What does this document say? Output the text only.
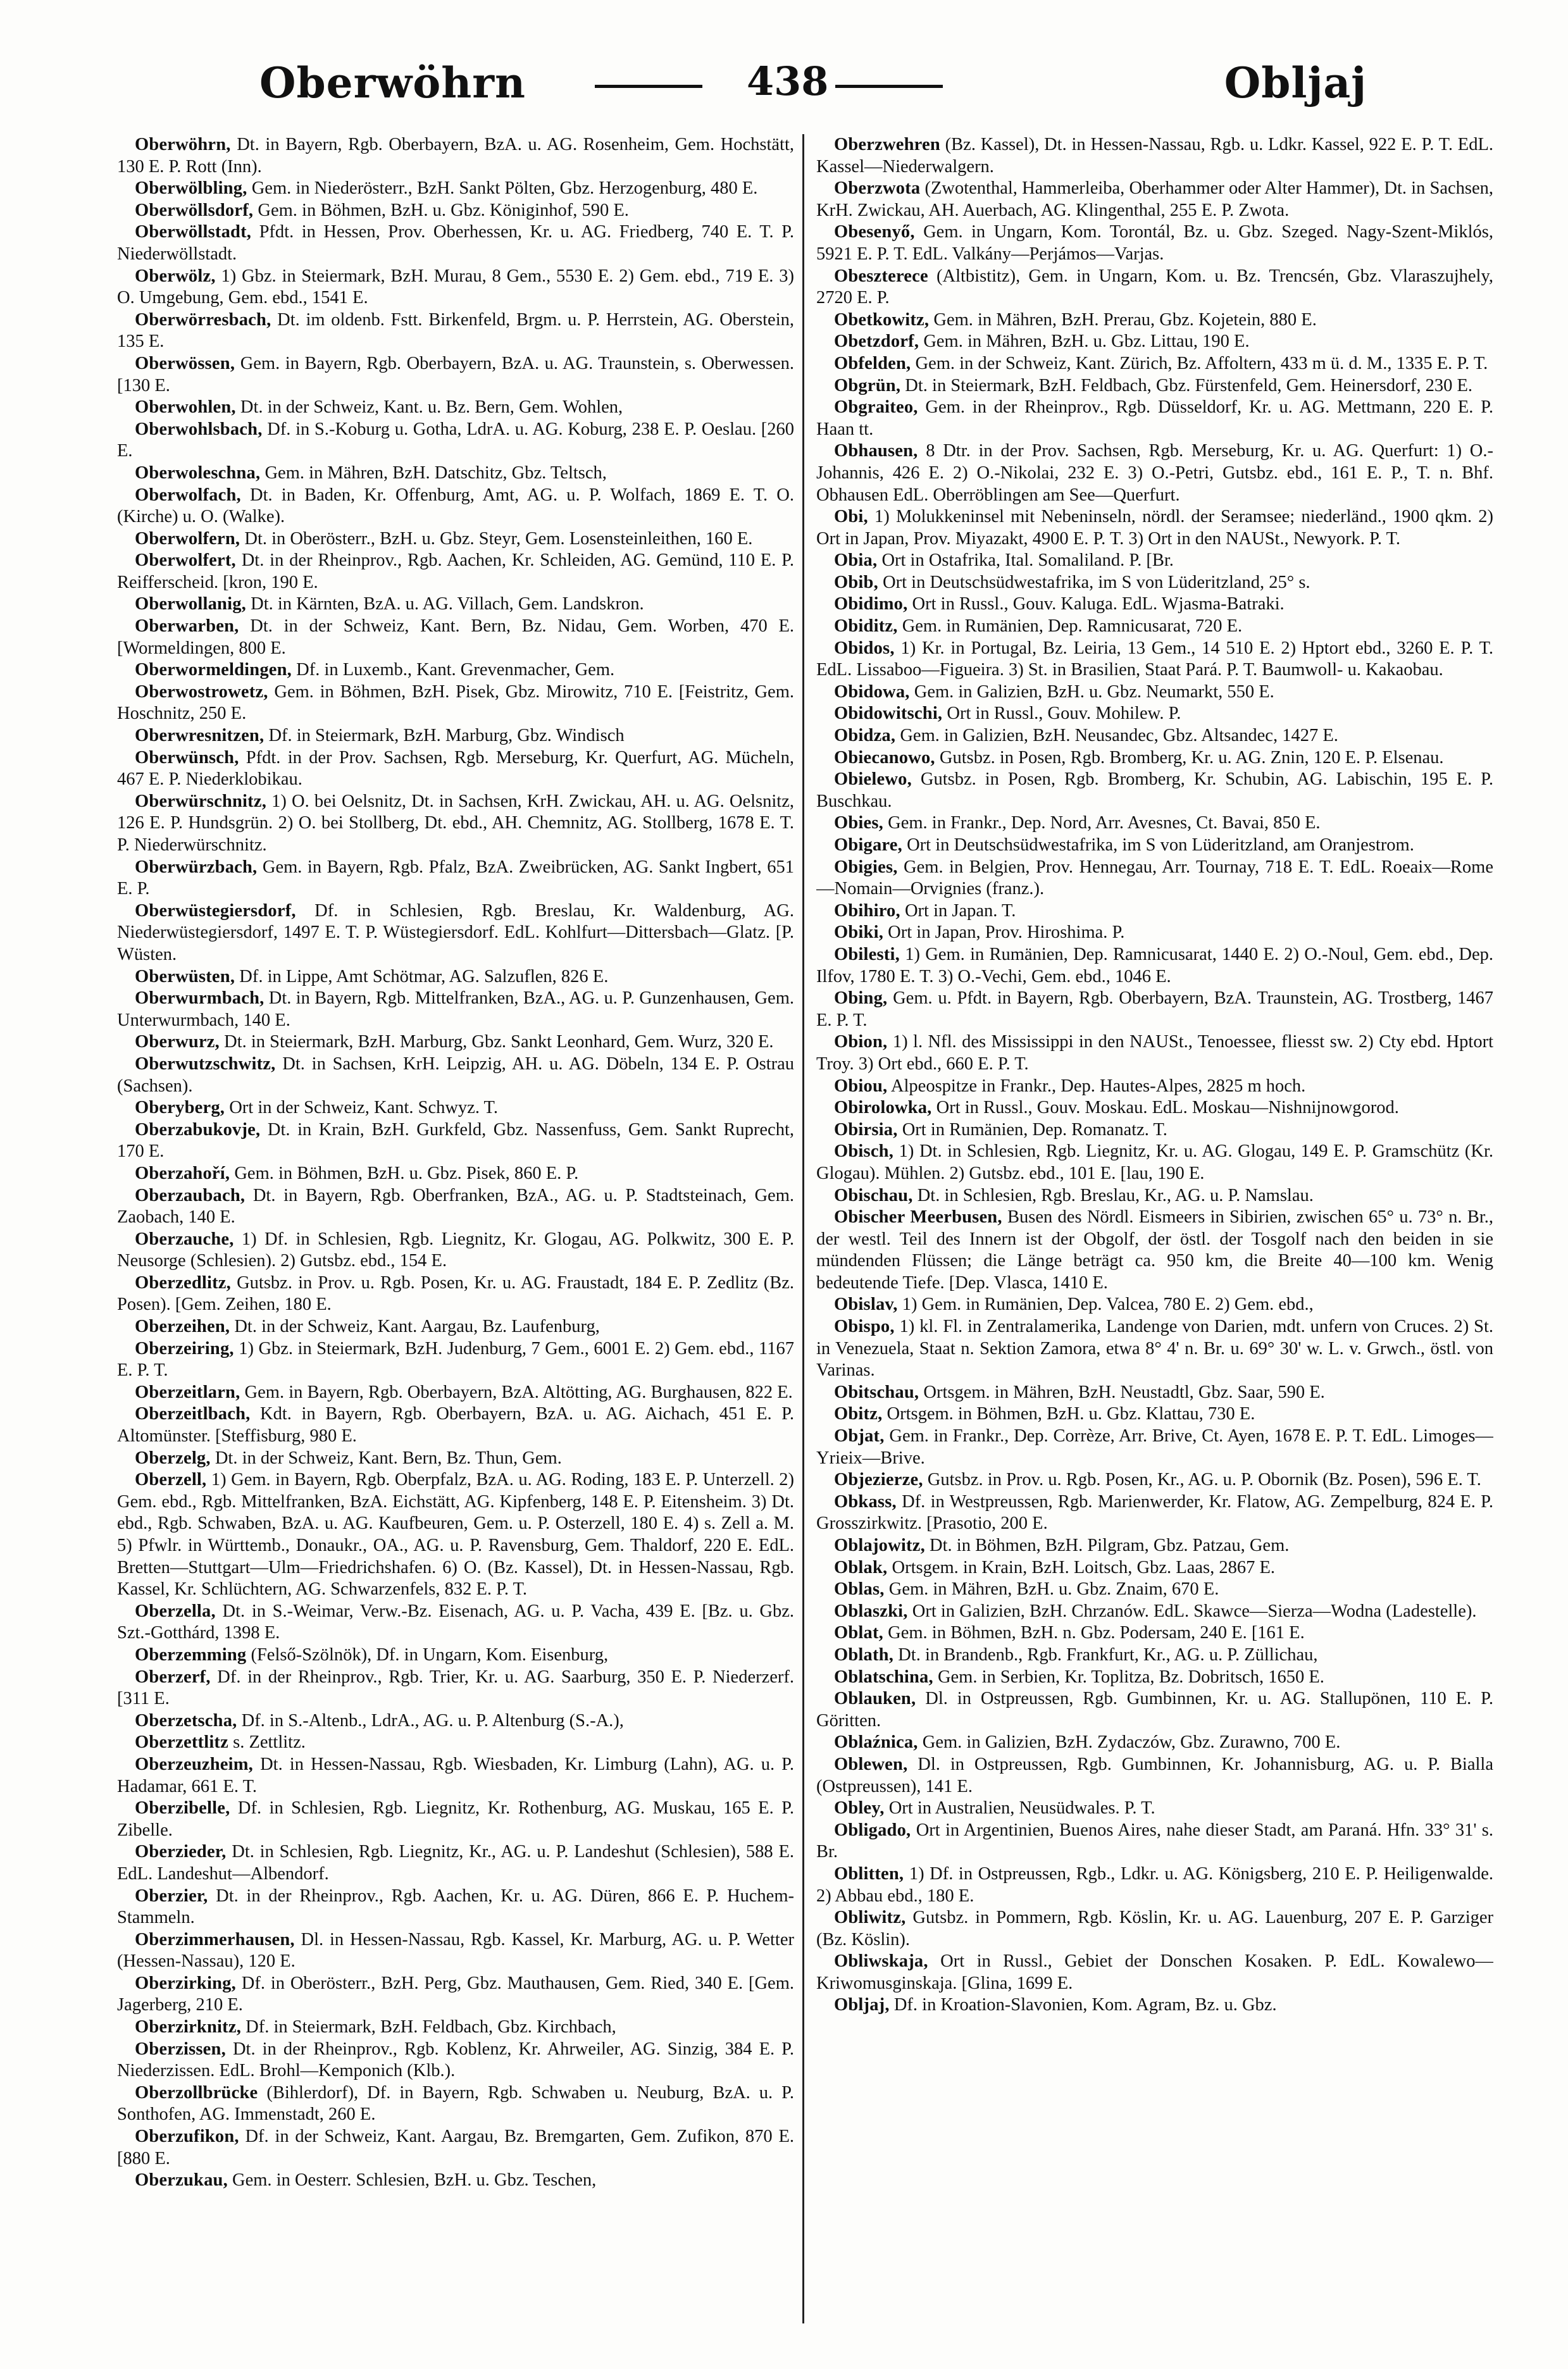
Oberwöhrn	438	Obljaj

Oberwöhrn, Dt. in Bayern, Rgb. Oberbayern, BzA. u. AG. Rosenheim, Gem. Hochstätt, 130 E. P. Rott (Inn).

Oberwölbling, Gem. in Niederösterr., BzH. Sankt Pölten, Gbz. Herzogenburg, 480 E.

Oberwöllsdorf, Gem. in Böhmen, BzH. u. Gbz. Königinhof, 590 E.

Oberwöllstadt, Pfdt. in Hessen, Prov. Oberhessen, Kr. u. AG. Friedberg, 740 E. T. P. Niederwöllstadt.

Oberwölz, 1) Gbz. in Steiermark, BzH. Murau, 8 Gem., 5530 E. 2) Gem. ebd., 719 E. 3) O. Umgebung, Gem. ebd., 1541 E.

Oberwörresbach, Dt. im oldenb. Fstt. Birkenfeld, Brgm. u. P. Herrstein, AG. Oberstein, 135 E.

Oberwössen, Gem. in Bayern, Rgb. Oberbayern, BzA. u. AG. Traunstein, s. Oberwessen. [130 E.

Oberwohlen, Dt. in der Schweiz, Kant. u. Bz. Bern, Gem. Wohlen,

Oberwohlsbach, Df. in S.-Koburg u. Gotha, LdrA. u. AG. Koburg, 238 E. P. Oeslau. [260 E.

Oberwoleschna, Gem. in Mähren, BzH. Datschitz, Gbz. Teltsch,

Oberwolfach, Dt. in Baden, Kr. Offenburg, Amt, AG. u. P. Wolfach, 1869 E. T. O. (Kirche) u. O. (Walke).

Oberwolfern, Dt. in Oberösterr., BzH. u. Gbz. Steyr, Gem. Losensteinleithen, 160 E.

Oberwolfert, Dt. in der Rheinprov., Rgb. Aachen, Kr. Schleiden, AG. Gemünd, 110 E. P. Reifferscheid. [kron, 190 E.

Oberwollanig, Dt. in Kärnten, BzA. u. AG. Villach, Gem. Landskron.

Oberwarben, Dt. in der Schweiz, Kant. Bern, Bz. Nidau, Gem. Worben, 470 E. [Wormeldingen, 800 E.

Oberwormeldingen, Df. in Luxemb., Kant. Grevenmacher, Gem.

Oberwostrowetz, Gem. in Böhmen, BzH. Pisek, Gbz. Mirowitz, 710 E. [Feistritz, Gem. Hoschnitz, 250 E.

Oberwresnitzen, Df. in Steiermark, BzH. Marburg, Gbz. Windisch

Oberwünsch, Pfdt. in der Prov. Sachsen, Rgb. Merseburg, Kr. Querfurt, AG. Mücheln, 467 E. P. Niederklobikau.

Oberwürschnitz, 1) O. bei Oelsnitz, Dt. in Sachsen, KrH. Zwickau, AH. u. AG. Oelsnitz, 126 E. P. Hundsgrün. 2) O. bei Stollberg, Dt. ebd., AH. Chemnitz, AG. Stollberg, 1678 E. T. P. Niederwürschnitz.

Oberwürzbach, Gem. in Bayern, Rgb. Pfalz, BzA. Zweibrücken, AG. Sankt Ingbert, 651 E. P.

Oberwüstegiersdorf, Df. in Schlesien, Rgb. Breslau, Kr. Waldenburg, AG. Niederwüstegiersdorf, 1497 E. T. P. Wüstegiersdorf. EdL. Kohlfurt—Dittersbach—Glatz. [P. Wüsten.

Oberwüsten, Df. in Lippe, Amt Schötmar, AG. Salzuflen, 826 E.

Oberwurmbach, Dt. in Bayern, Rgb. Mittelfranken, BzA., AG. u. P. Gunzenhausen, Gem. Unterwurmbach, 140 E.

Oberwurz, Dt. in Steiermark, BzH. Marburg, Gbz. Sankt Leonhard, Gem. Wurz, 320 E.

Oberwutzschwitz, Dt. in Sachsen, KrH. Leipzig, AH. u. AG. Döbeln, 134 E. P. Ostrau (Sachsen).

Oberyberg, Ort in der Schweiz, Kant. Schwyz. T.

Oberzabukovje, Dt. in Krain, BzH. Gurkfeld, Gbz. Nassenfuss, Gem. Sankt Ruprecht, 170 E.

Oberzahoří, Gem. in Böhmen, BzH. u. Gbz. Pisek, 860 E. P.

Oberzaubach, Dt. in Bayern, Rgb. Oberfranken, BzA., AG. u. P. Stadtsteinach, Gem. Zaobach, 140 E.

Oberzauche, 1) Df. in Schlesien, Rgb. Liegnitz, Kr. Glogau, AG. Polkwitz, 300 E. P. Neusorge (Schlesien). 2) Gutsbz. ebd., 154 E.

Oberzedlitz, Gutsbz. in Prov. u. Rgb. Posen, Kr. u. AG. Fraustadt, 184 E. P. Zedlitz (Bz. Posen). [Gem. Zeihen, 180 E.

Oberzeihen, Dt. in der Schweiz, Kant. Aargau, Bz. Laufenburg,

Oberzeiring, 1) Gbz. in Steiermark, BzH. Judenburg, 7 Gem., 6001 E. 2) Gem. ebd., 1167 E. P. T.

Oberzeitlarn, Gem. in Bayern, Rgb. Oberbayern, BzA. Altötting, AG. Burghausen, 822 E.

Oberzeitlbach, Kdt. in Bayern, Rgb. Oberbayern, BzA. u. AG. Aichach, 451 E. P. Altomünster. [Steffisburg, 980 E.

Oberzelg, Dt. in der Schweiz, Kant. Bern, Bz. Thun, Gem.

Oberzell, 1) Gem. in Bayern, Rgb. Oberpfalz, BzA. u. AG. Roding, 183 E. P. Unterzell. 2) Gem. ebd., Rgb. Mittelfranken, BzA. Eichstätt, AG. Kipfenberg, 148 E. P. Eitensheim. 3) Dt. ebd., Rgb. Schwaben, BzA. u. AG. Kaufbeuren, Gem. u. P. Osterzell, 180 E. 4) s. Zell a. M. 5) Pfwlr. in Württemb., Donaukr., OA., AG. u. P. Ravensburg, Gem. Thaldorf, 220 E. EdL. Bretten—Stuttgart—Ulm—Friedrichshafen. 6) O. (Bz. Kassel), Dt. in Hessen-Nassau, Rgb. Kassel, Kr. Schlüchtern, AG. Schwarzenfels, 832 E. P. T.

Oberzella, Dt. in S.-Weimar, Verw.-Bz. Eisenach, AG. u. P. Vacha, 439 E. [Bz. u. Gbz. Szt.-Gotthárd, 1398 E.

Oberzemming (Felső-Szölnök), Df. in Ungarn, Kom. Eisenburg,

Oberzerf, Df. in der Rheinprov., Rgb. Trier, Kr. u. AG. Saarburg, 350 E. P. Niederzerf. [311 E.

Oberzetscha, Df. in S.-Altenb., LdrA., AG. u. P. Altenburg (S.-A.),

Oberzettlitz s. Zettlitz.

Oberzeuzheim, Dt. in Hessen-Nassau, Rgb. Wiesbaden, Kr. Limburg (Lahn), AG. u. P. Hadamar, 661 E. T.

Oberzibelle, Df. in Schlesien, Rgb. Liegnitz, Kr. Rothenburg, AG. Muskau, 165 E. P. Zibelle.

Oberzieder, Dt. in Schlesien, Rgb. Liegnitz, Kr., AG. u. P. Landeshut (Schlesien), 588 E. EdL. Landeshut—Albendorf.

Oberzier, Dt. in der Rheinprov., Rgb. Aachen, Kr. u. AG. Düren, 866 E. P. Huchem-Stammeln.

Oberzimmerhausen, Dl. in Hessen-Nassau, Rgb. Kassel, Kr. Marburg, AG. u. P. Wetter (Hessen-Nassau), 120 E.

Oberzirking, Df. in Oberösterr., BzH. Perg, Gbz. Mauthausen, Gem. Ried, 340 E. [Gem. Jagerberg, 210 E.

Oberzirknitz, Df. in Steiermark, BzH. Feldbach, Gbz. Kirchbach,

Oberzissen, Dt. in der Rheinprov., Rgb. Koblenz, Kr. Ahrweiler, AG. Sinzig, 384 E. P. Niederzissen. EdL. Brohl—Kemponich (Klb.).

Oberzollbrücke (Bihlerdorf), Df. in Bayern, Rgb. Schwaben u. Neuburg, BzA. u. P. Sonthofen, AG. Immenstadt, 260 E.

Oberzufikon, Df. in der Schweiz, Kant. Aargau, Bz. Bremgarten, Gem. Zufikon, 870 E. [880 E.

Oberzukau, Gem. in Oesterr. Schlesien, BzH. u. Gbz. Teschen,

Oberzwehren (Bz. Kassel), Dt. in Hessen-Nassau, Rgb. u. Ldkr. Kassel, 922 E. P. T. EdL. Kassel—Niederwalgern.

Oberzwota (Zwotenthal, Hammerleiba, Oberhammer oder Alter Hammer), Dt. in Sachsen, KrH. Zwickau, AH. Auerbach, AG. Klingenthal, 255 E. P. Zwota.

Obesenyő, Gem. in Ungarn, Kom. Torontál, Bz. u. Gbz. Szeged. Nagy-Szent-Miklós, 5921 E. P. T. EdL. Valkány—Perjámos—Varjas.

Obeszterece (Altbistitz), Gem. in Ungarn, Kom. u. Bz. Trencsén, Gbz. Vlaraszujhely, 2720 E. P.

Obetkowitz, Gem. in Mähren, BzH. Prerau, Gbz. Kojetein, 880 E.

Obetzdorf, Gem. in Mähren, BzH. u. Gbz. Littau, 190 E.

Obfelden, Gem. in der Schweiz, Kant. Zürich, Bz. Affoltern, 433 m ü. d. M., 1335 E. P. T.

Obgrün, Dt. in Steiermark, BzH. Feldbach, Gbz. Fürstenfeld, Gem. Heinersdorf, 230 E.

Obgraiteo, Gem. in der Rheinprov., Rgb. Düsseldorf, Kr. u. AG. Mettmann, 220 E. P. Haan tt.

Obhausen, 8 Dtr. in der Prov. Sachsen, Rgb. Merseburg, Kr. u. AG. Querfurt: 1) O.-Johannis, 426 E. 2) O.-Nikolai, 232 E. 3) O.-Petri, Gutsbz. ebd., 161 E. P., T. n. Bhf. Obhausen EdL. Oberröblingen am See—Querfurt.

Obi, 1) Molukkeninsel mit Nebeninseln, nördl. der Seramsee; niederländ., 1900 qkm. 2) Ort in Japan, Prov. Miyazakt, 4900 E. P. T. 3) Ort in den NAUSt., Newyork. P. T.

Obia, Ort in Ostafrika, Ital. Somaliland. P. [Br.

Obib, Ort in Deutschsüdwestafrika, im S von Lüderitzland, 25° s.

Obidimo, Ort in Russl., Gouv. Kaluga. EdL. Wjasma-Batraki.

Obiditz, Gem. in Rumänien, Dep. Ramnicusarat, 720 E.

Obidos, 1) Kr. in Portugal, Bz. Leiria, 13 Gem., 14 510 E. 2) Hptort ebd., 3260 E. P. T. EdL. Lissaboo—Figueira. 3) St. in Brasilien, Staat Pará. P. T. Baumwoll- u. Kakaobau.

Obidowa, Gem. in Galizien, BzH. u. Gbz. Neumarkt, 550 E.

Obidowitschi, Ort in Russl., Gouv. Mohilew. P.

Obidza, Gem. in Galizien, BzH. Neusandec, Gbz. Altsandec, 1427 E.

Obiecanowo, Gutsbz. in Posen, Rgb. Bromberg, Kr. u. AG. Znin, 120 E. P. Elsenau.

Obielewo, Gutsbz. in Posen, Rgb. Bromberg, Kr. Schubin, AG. Labischin, 195 E. P. Buschkau.

Obies, Gem. in Frankr., Dep. Nord, Arr. Avesnes, Ct. Bavai, 850 E.

Obigare, Ort in Deutschsüdwestafrika, im S von Lüderitzland, am Oranjestrom.

Obigies, Gem. in Belgien, Prov. Hennegau, Arr. Tournay, 718 E. T. EdL. Roeaix—Rome—Nomain—Orvignies (franz.).

Obihiro, Ort in Japan. T.

Obiki, Ort in Japan, Prov. Hiroshima. P.

Obilesti, 1) Gem. in Rumänien, Dep. Ramnicusarat, 1440 E. 2) O.-Noul, Gem. ebd., Dep. Ilfov, 1780 E. T. 3) O.-Vechi, Gem. ebd., 1046 E.

Obing, Gem. u. Pfdt. in Bayern, Rgb. Oberbayern, BzA. Traunstein, AG. Trostberg, 1467 E. P. T.

Obion, 1) l. Nfl. des Mississippi in den NAUSt., Tenoessee, fliesst sw. 2) Cty ebd. Hptort Troy. 3) Ort ebd., 660 E. P. T.

Obiou, Alpeospitze in Frankr., Dep. Hautes-Alpes, 2825 m hoch.

Obirolowka, Ort in Russl., Gouv. Moskau. EdL. Moskau—Nishnijnowgorod.

Obirsia, Ort in Rumänien, Dep. Romanatz. T.

Obisch, 1) Dt. in Schlesien, Rgb. Liegnitz, Kr. u. AG. Glogau, 149 E. P. Gramschütz (Kr. Glogau). Mühlen. 2) Gutsbz. ebd., 101 E. [lau, 190 E.

Obischau, Dt. in Schlesien, Rgb. Breslau, Kr., AG. u. P. Namslau.

Obischer Meerbusen, Busen des Nördl. Eismeers in Sibirien, zwischen 65° u. 73° n. Br., der westl. Teil des Innern ist der Obgolf, der östl. der Tosgolf nach den beiden in sie mündenden Flüssen; die Länge beträgt ca. 950 km, die Breite 40—100 km. Wenig bedeutende Tiefe. [Dep. Vlasca, 1410 E.

Obislav, 1) Gem. in Rumänien, Dep. Valcea, 780 E. 2) Gem. ebd.,

Obispo, 1) kl. Fl. in Zentralamerika, Landenge von Darien, mdt. unfern von Cruces. 2) St. in Venezuela, Staat n. Sektion Zamora, etwa 8° 4' n. Br. u. 69° 30' w. L. v. Grwch., östl. von Varinas.

Obitschau, Ortsgem. in Mähren, BzH. Neustadtl, Gbz. Saar, 590 E.

Obitz, Ortsgem. in Böhmen, BzH. u. Gbz. Klattau, 730 E.

Objat, Gem. in Frankr., Dep. Corrèze, Arr. Brive, Ct. Ayen, 1678 E. P. T. EdL. Limoges—Yrieix—Brive.

Objezierze, Gutsbz. in Prov. u. Rgb. Posen, Kr., AG. u. P. Obornik (Bz. Posen), 596 E. T.

Obkass, Df. in Westpreussen, Rgb. Marienwerder, Kr. Flatow, AG. Zempelburg, 824 E. P. Grosszirkwitz. [Prasotio, 200 E.

Oblajowitz, Dt. in Böhmen, BzH. Pilgram, Gbz. Patzau, Gem.

Oblak, Ortsgem. in Krain, BzH. Loitsch, Gbz. Laas, 2867 E.

Oblas, Gem. in Mähren, BzH. u. Gbz. Znaim, 670 E.

Oblaszki, Ort in Galizien, BzH. Chrzanów. EdL. Skawce—Sierza—Wodna (Ladestelle).

Oblat, Gem. in Böhmen, BzH. n. Gbz. Podersam, 240 E. [161 E.

Oblath, Dt. in Brandenb., Rgb. Frankfurt, Kr., AG. u. P. Züllichau,

Oblatschina, Gem. in Serbien, Kr. Toplitza, Bz. Dobritsch, 1650 E.

Oblauken, Dl. in Ostpreussen, Rgb. Gumbinnen, Kr. u. AG. Stallupönen, 110 E. P. Göritten.

Oblaźnica, Gem. in Galizien, BzH. Zydaczów, Gbz. Zurawno, 700 E.

Oblewen, Dl. in Ostpreussen, Rgb. Gumbinnen, Kr. Johannisburg, AG. u. P. Bialla (Ostpreussen), 141 E.

Obley, Ort in Australien, Neusüdwales. P. T.

Obligado, Ort in Argentinien, Buenos Aires, nahe dieser Stadt, am Paraná. Hfn. 33° 31' s. Br.

Oblitten, 1) Df. in Ostpreussen, Rgb., Ldkr. u. AG. Königsberg, 210 E. P. Heiligenwalde. 2) Abbau ebd., 180 E.

Obliwitz, Gutsbz. in Pommern, Rgb. Köslin, Kr. u. AG. Lauenburg, 207 E. P. Garziger (Bz. Köslin).

Obliwskaja, Ort in Russl., Gebiet der Donschen Kosaken. P. EdL. Kowalewo—Kriwomusginskaja. [Glina, 1699 E.

Obljaj, Df. in Kroation-Slavonien, Kom. Agram, Bz. u. Gbz.
